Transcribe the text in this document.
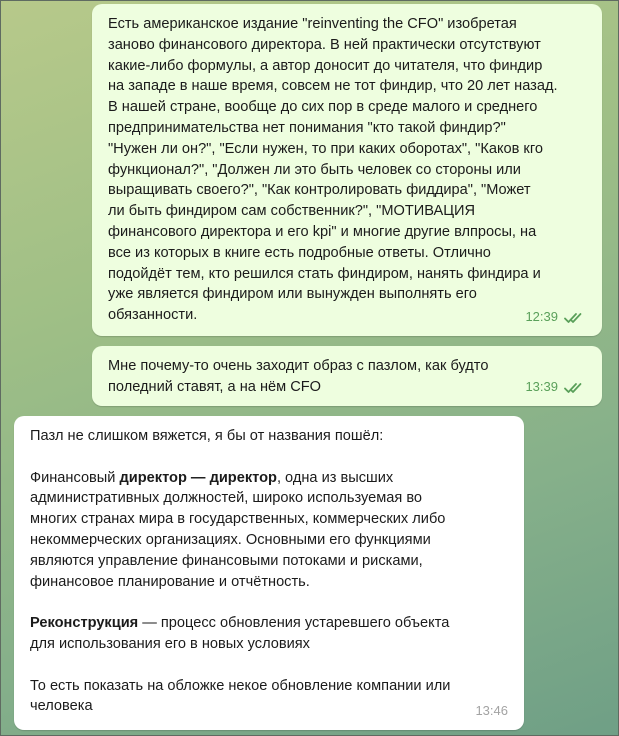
Есть американское издание "reinventing the CFO" изобретая
заново финансового директора. В ней практически отсутствуют
какие-либо формулы, а автор доносит до читателя, что финдир
на западе в наше время, совсем не тот финдир, что 20 лет назад.
В нашей стране, вообще до сих пор в среде малого и среднего
предпринимательства нет понимания "кто такой финдир?"
"Нужен ли он?", "Если нужен, то при каких оборотах", "Каков кго
функционал?", "Должен ли это быть человек со стороны или
выращивать своего?", "Как контролировать фиддира", "Может
ли быть финдиром сам собственник?", "МОТИВАЦИЯ
финансового директора и его kpi" и многие другие влпросы, на
все из которых в книге есть подробные ответы. Отлично
подойдёт тем, кто решился стать финдиром, нанять финдира и
уже является финдиром или вынужден выполнять его
обязанности.	12:39
Мне почему-то очень заходит образ с пазлом, как будто
поледний ставят, а на нём CFO	13:39
Пазл не слишком вяжется, я бы от названия пошёл:
Финансовый директор — директор, одна из высших
административных должностей, широко используемая во
многих странах мира в государственных, коммерческих либо
некоммерческих организациях. Основными его функциями
являются управление финансовыми потоками и рисками,
финансовое планирование и отчётность.
Реконструкция — процесс обновления устаревшего объекта
для использования его в новых условиях
То есть показать на обложке некое обновление компании или
человека	13:46
